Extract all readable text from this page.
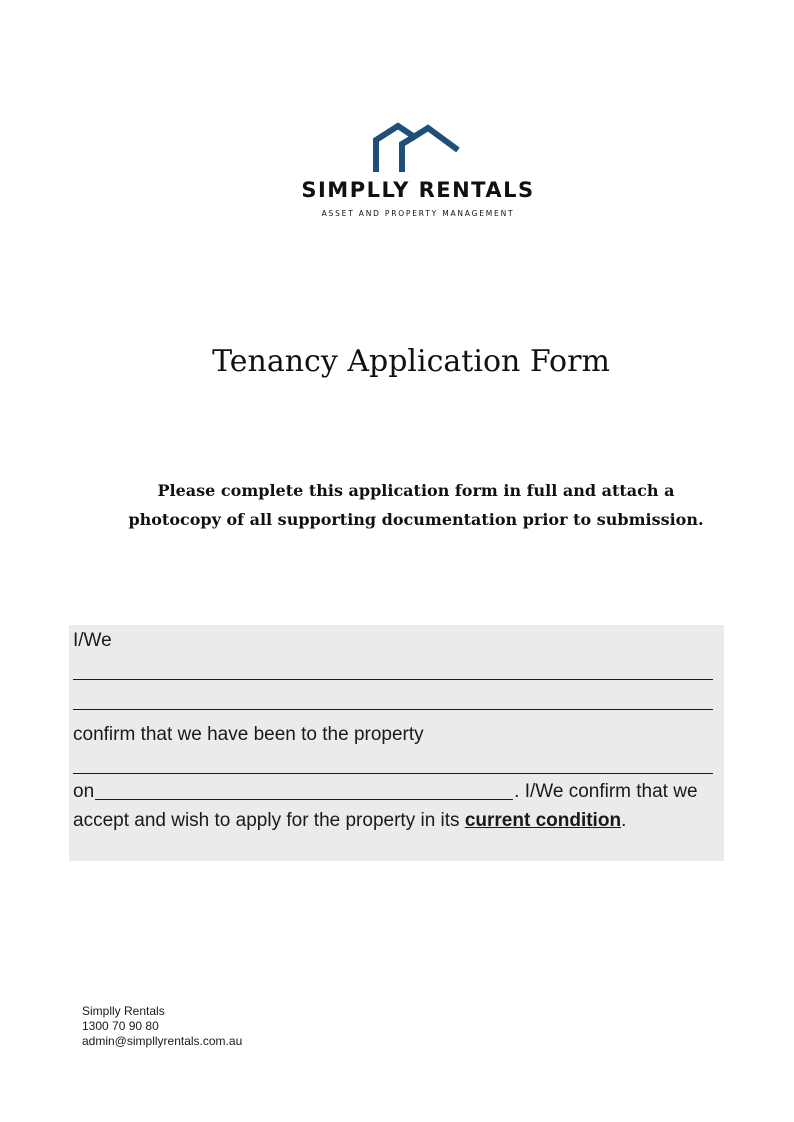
SIMPLLY RENTALS
ASSET AND PROPERTY MANAGEMENT
Tenancy Application Form
Please complete this application form in full and attach a photocopy of all supporting documentation prior to submission.
I/We
confirm that we have been to the property
on	. I/We confirm that we
accept and wish to apply for the property in its current condition.
Simplly Rentals
1300 70 90 80
admin@simpllyrentals.com.au
